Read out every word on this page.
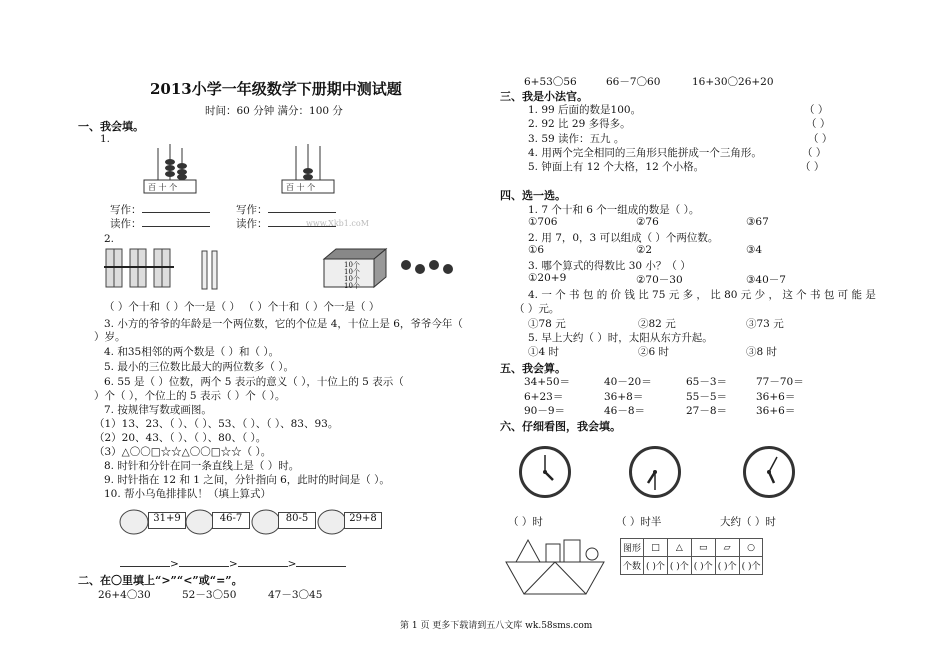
2013小学一年级数学下册期中测试题
时间：60 分钟 满分：100 分
一、我会填。
1.
百 十 个	百 十 个
写作：
读作：
写作：
读作：	www.Xkb1.coM
2.
10个
10个
10个
10个
（ ）个十和（ ）个一是（ ） （ ）个十和（ ）个一是（ ）
3. 小方的爷爷的年龄是一个两位数，它的个位是 4，十位上是 6，爷爷今年（
）岁。
4. 和35相邻的两个数是（ ）和（ ）。
5. 最小的三位数比最大的两位数多（ ）。
6. 55 是（ ）位数，两个 5 表示的意义（ ），十位上的 5 表示（
）个（ ），个位上的 5 表示（ ）个（ ）。
7. 按规律写数或画图。
（1）13、23、（ ）、（ ）、53、（ ）、（ ）、83、93。
（2）20、43、（ ）、（ ）、80、（ ）。
（3）△〇〇□☆☆△〇〇□☆☆（ ）。
8. 时针和分针在同一条直线上是（ ）时。
9. 时针指在 12 和 1 之间，分针指向 6，此时的时间是（ ）。
10. 帮小乌龟排排队！（填上算式）
31+9	46-7	80-5	29+8
>	>	>
二、在〇里填上“>”“<”或“=”。
26+4〇30	52－3〇50	47－3〇45
6+53〇56	66－7〇60	16+30〇26+20
三、我是小法官。
1. 99 后面的数是100。
2. 92 比 29 多得多。
3. 59 读作：五九 。
4. 用两个完全相同的三角形只能拼成一个三角形。
5. 钟面上有 12 个大格，12 个小格。
（ ）
（ ）
（ ）
（ ）
（ ）
四、选一选。
1. 7 个十和 6 个一组成的数是（ ）。
①706	②76	③67
2. 用 7，0，3 可以组成（ ）个两位数。
①6	②2	③4
3. 哪个算式的得数比 30 小？（ ）
①20+9	②70－30	③40－7
4. 一 个 书 包 的 价 钱 比 75 元 多 ， 比 80 元 少 ， 这 个 书 包 可 能 是
（ ）元。
①78 元	②82 元	③73 元
5. 早上大约（ ）时，太阳从东方升起。
①4 时	②6 时	③8 时
五、我会算。
34+50＝	40－20＝	65－3＝	77－70＝
6+23＝	36+8＝	55－5＝	36+6＝
90－9＝	46－8＝	27－8＝	36+6＝
六、仔细看图，我会填。
（ ）时	（ ）时半	大约（ ）时
图形	□	△	▭	▱	○
个数	( )个	( )个	( )个	( )个	( )个
第 1 页 更多下载请到五八文库 wk.58sms.com
